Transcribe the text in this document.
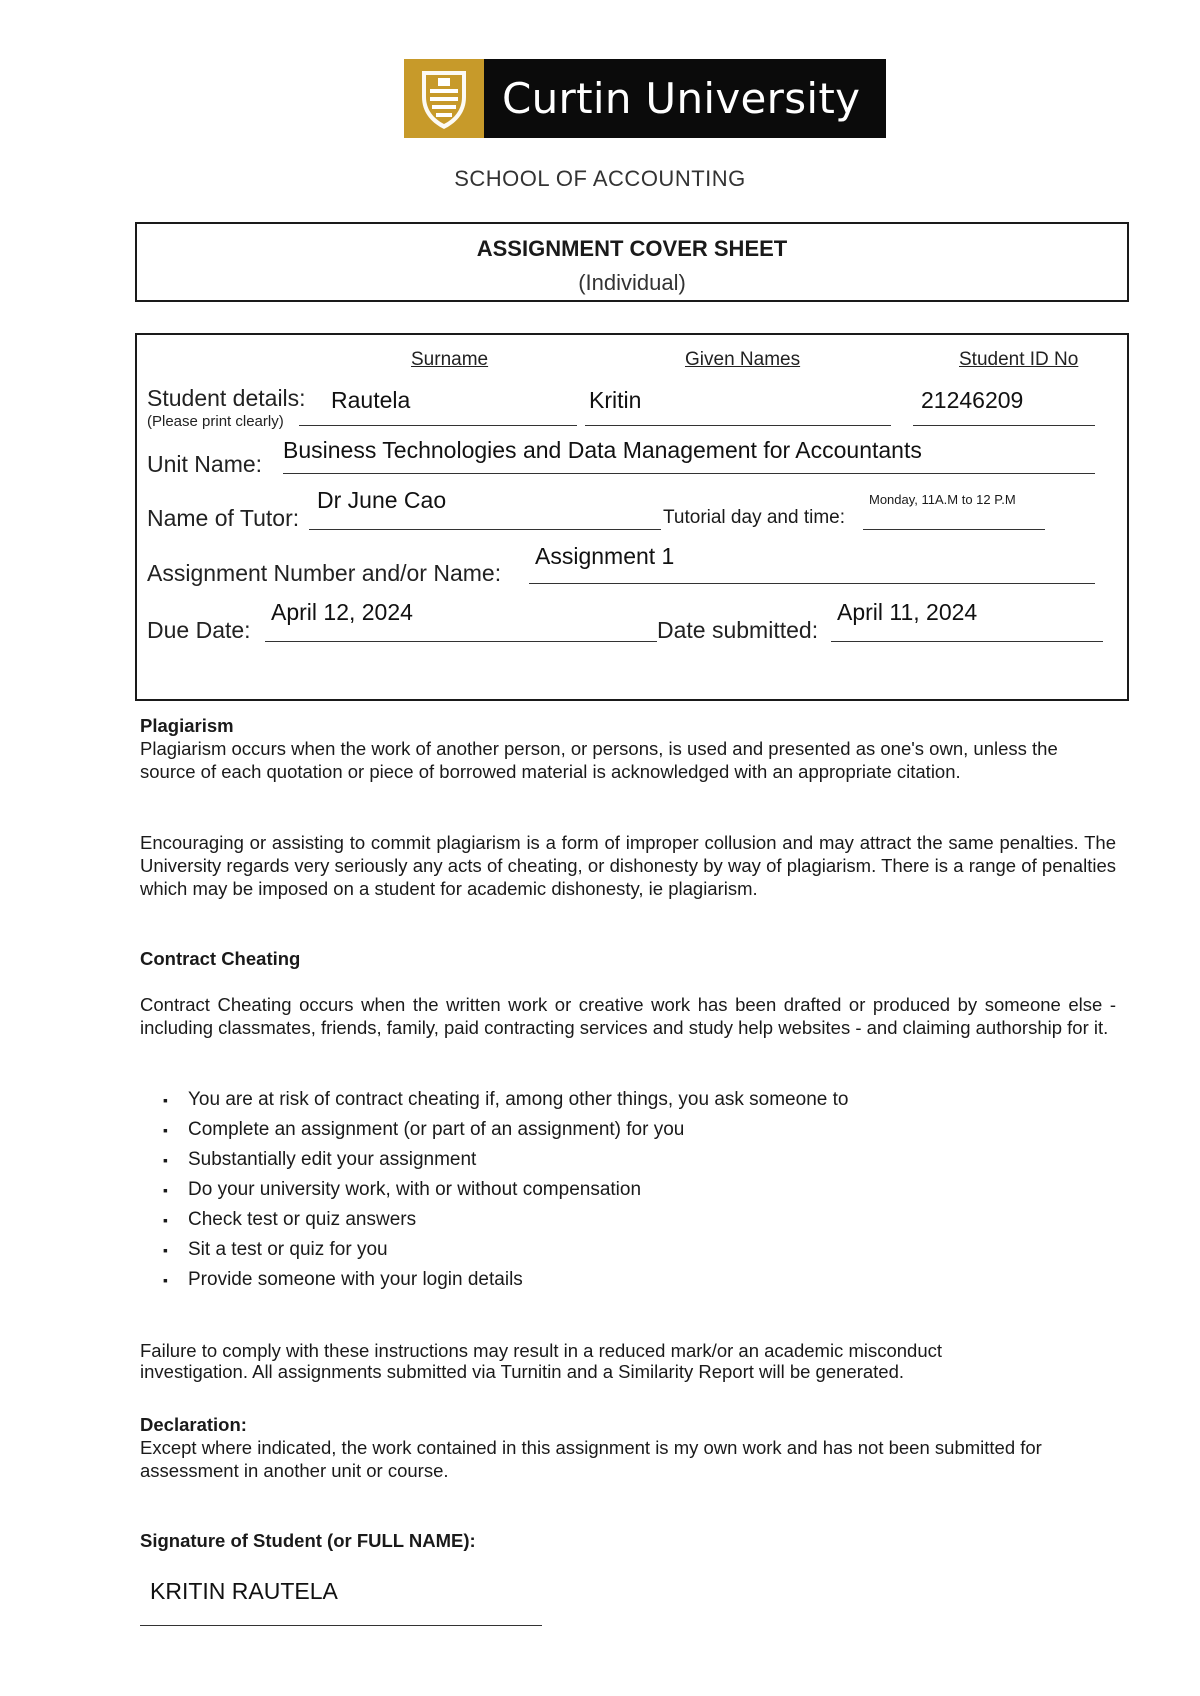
Curtin University
SCHOOL OF ACCOUNTING
ASSIGNMENT COVER SHEET
(Individual)
Surname	Given Names	Student ID No
Student details:
(Please print clearly)
Rautela	Kritin	21246209
Unit Name:
Business Technologies and Data Management for Accountants
Name of Tutor:
Dr June Cao
Tutorial day and time:
Monday, 11A.M to 12 P.M
Assignment Number and/or Name:
Assignment 1
Due Date:
April 12, 2024
Date submitted:
April 11, 2024
Plagiarism
Plagiarism occurs when the work of another person, or persons, is used and presented as one's own, unless the source of each quotation or piece of borrowed material is acknowledged with an appropriate citation.
Encouraging or assisting to commit plagiarism is a form of improper collusion and may attract the same penalties. The University regards very seriously any acts of cheating, or dishonesty by way of plagiarism. There is a range of penalties which may be imposed on a student for academic dishonesty, ie plagiarism.
Contract Cheating
Contract Cheating occurs when the written work or creative work has been drafted or produced by someone else - including classmates, friends, family, paid contracting services and study help websites - and claiming authorship for it.
▪ You are at risk of contract cheating if, among other things, you ask someone to
▪ Complete an assignment (or part of an assignment) for you
▪ Substantially edit your assignment
▪ Do your university work, with or without compensation
▪ Check test or quiz answers
▪ Sit a test or quiz for you
▪ Provide someone with your login details
Failure to comply with these instructions may result in a reduced mark/or an academic misconduct investigation. All assignments submitted via Turnitin and a Similarity Report will be generated.
Declaration:
Except where indicated, the work contained in this assignment is my own work and has not been submitted for assessment in another unit or course.
Signature of Student (or FULL NAME):
KRITIN RAUTELA
